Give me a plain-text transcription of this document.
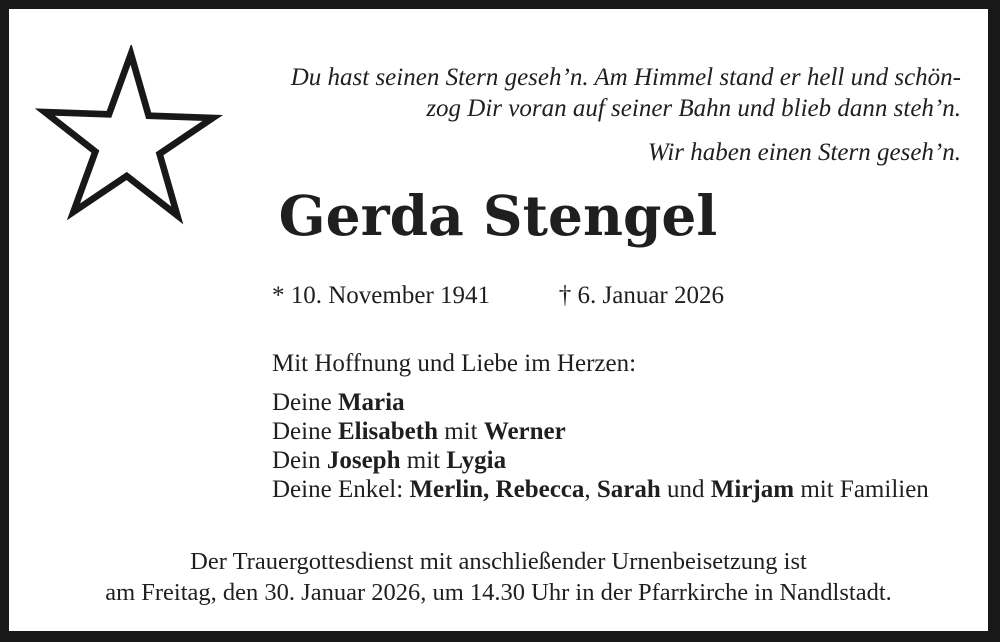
Du hast seinen Stern geseh’n. Am Himmel stand er hell und schön-
zog Dir voran auf seiner Bahn und blieb dann steh’n.
Wir haben einen Stern geseh’n.
Gerda Stengel
* 10. November 1941	† 6. Januar 2026
Mit Hoffnung und Liebe im Herzen:
Deine Maria
Deine Elisabeth mit Werner
Dein Joseph mit Lygia
Deine Enkel: Merlin, Rebecca, Sarah und Mirjam mit Familien
Der Trauergottesdienst mit anschließender Urnenbeisetzung ist
am Freitag, den 30. Januar 2026, um 14.30 Uhr in der Pfarrkirche in Nandlstadt.
